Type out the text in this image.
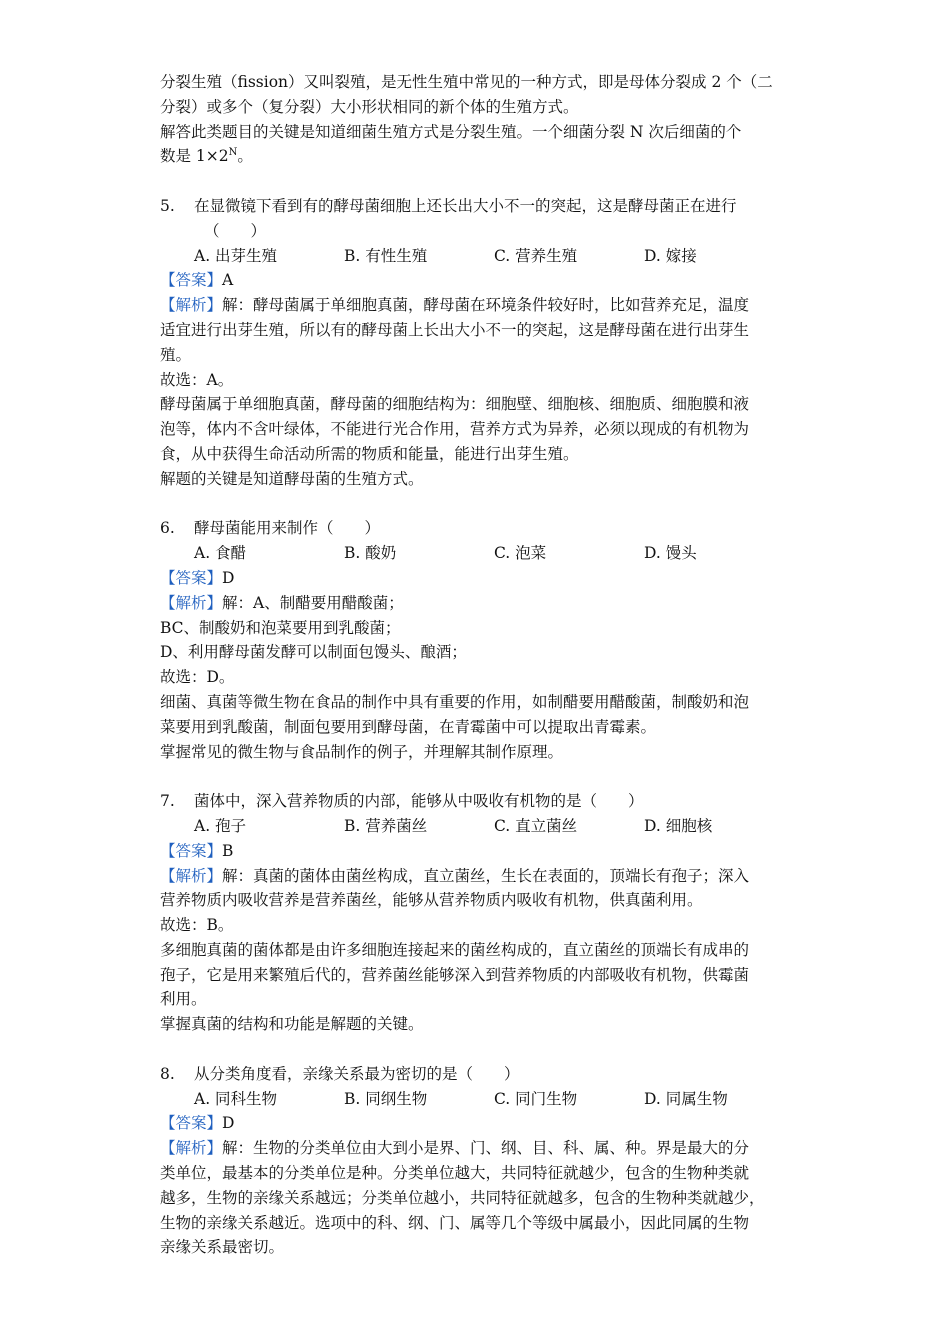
分裂生殖（fission）又叫裂殖，是无性生殖中常见的一种方式，即是母体分裂成 2 个（二
分裂）或多个（复分裂）大小形状相同的新个体的生殖方式。
解答此类题目的关键是知道细菌生殖方式是分裂生殖。一个细菌分裂 N 次后细菌的个
数是 $1\times 2^N$。
5. 在显微镜下看到有的酵母菌细胞上还长出大小不一的突起，这是酵母菌正在进行
（　　）
A. 出芽生殖	B. 有性生殖	C. 营养生殖	D. 嫁接
【答案】A
【解析】解：酵母菌属于单细胞真菌，酵母菌在环境条件较好时，比如营养充足，温度
适宜进行出芽生殖，所以有的酵母菌上长出大小不一的突起，这是酵母菌在进行出芽生
殖。
故选：A。
酵母菌属于单细胞真菌，酵母菌的细胞结构为：细胞壁、细胞核、细胞质、细胞膜和液
泡等，体内不含叶绿体，不能进行光合作用，营养方式为异养，必须以现成的有机物为
食，从中获得生命活动所需的物质和能量，能进行出芽生殖。
解题的关键是知道酵母菌的生殖方式。
6. 酵母菌能用来制作（　　）
A. 食醋	B. 酸奶	C. 泡菜	D. 馒头
【答案】D
【解析】解：A、制醋要用醋酸菌；
BC、制酸奶和泡菜要用到乳酸菌；
D、利用酵母菌发酵可以制面包馒头、酿酒；
故选：D。
细菌、真菌等微生物在食品的制作中具有重要的作用，如制醋要用醋酸菌，制酸奶和泡
菜要用到乳酸菌，制面包要用到酵母菌，在青霉菌中可以提取出青霉素。
掌握常见的微生物与食品制作的例子，并理解其制作原理。
7. 菌体中，深入营养物质的内部，能够从中吸收有机物的是（　　）
A. 孢子	B. 营养菌丝	C. 直立菌丝	D. 细胞核
【答案】B
【解析】解：真菌的菌体由菌丝构成，直立菌丝，生长在表面的，顶端长有孢子；深入
营养物质内吸收营养是营养菌丝，能够从营养物质内吸收有机物，供真菌利用。
故选：B。
多细胞真菌的菌体都是由许多细胞连接起来的菌丝构成的，直立菌丝的顶端长有成串的
孢子，它是用来繁殖后代的，营养菌丝能够深入到营养物质的内部吸收有机物，供霉菌
利用。
掌握真菌的结构和功能是解题的关键。
8. 从分类角度看，亲缘关系最为密切的是（　　）
A. 同科生物	B. 同纲生物	C. 同门生物	D. 同属生物
【答案】D
【解析】解：生物的分类单位由大到小是界、门、纲、目、科、属、种。界是最大的分
类单位，最基本的分类单位是种。分类单位越大，共同特征就越少，包含的生物种类就
越多，生物的亲缘关系越远；分类单位越小，共同特征就越多，包含的生物种类就越少，
生物的亲缘关系越近。选项中的科、纲、门、属等几个等级中属最小，因此同属的生物
亲缘关系最密切。
